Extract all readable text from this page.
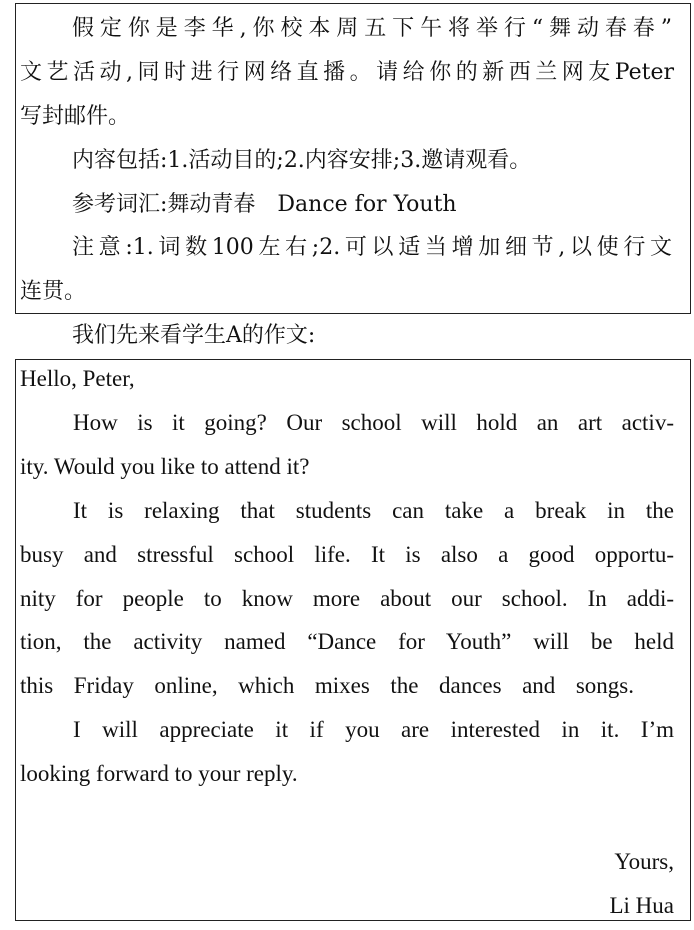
假定你是李华,你校本周五下午将举行“舞动春春”

文艺活动,同时进行网络直播。请给你的新西兰网友Peter

写封邮件。

内容包括:1.活动目的;2.内容安排;3.邀请观看。

参考词汇:舞动青春　Dance for Youth

注意:1.词数100左右;2.可以适当增加细节,以使行文

连贯。

我们先来看学生A的作文:

Hello, Peter,

How is it going? Our school will hold an art activ-

ity. Would you like to attend it?

It is relaxing that students can take a break in the

busy and stressful school life. It is also a good opportu-

nity for people to know more about our school. In addi-

tion, the activity named “Dance for Youth” will be held

this Friday online, which mixes the dances and songs.

I will appreciate it if you are interested in it. I’m

looking forward to your reply.

Yours,

Li Hua
